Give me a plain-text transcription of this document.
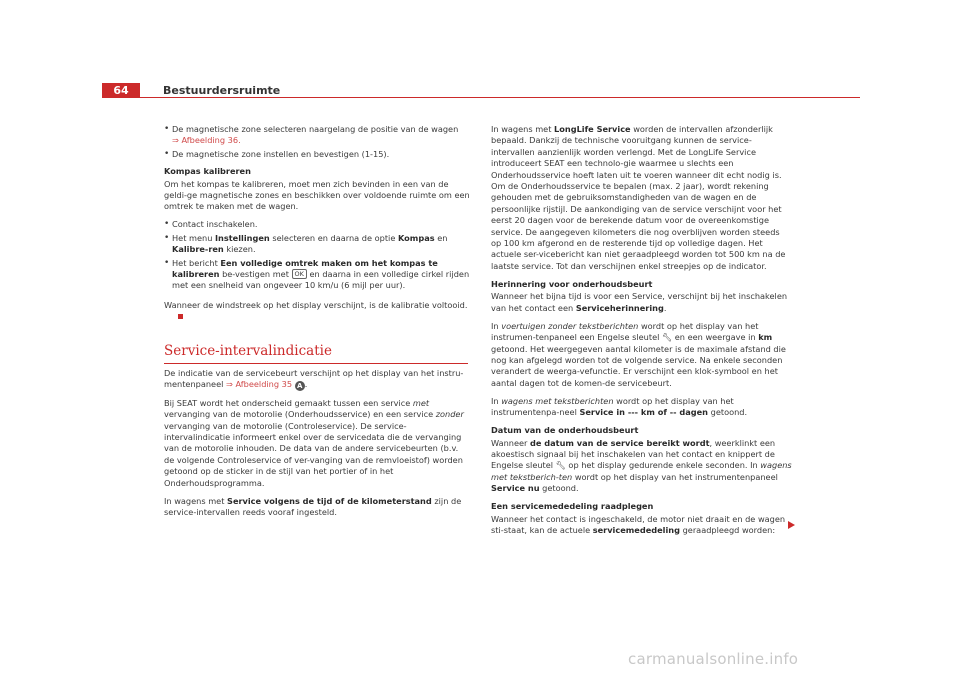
64	Bestuurdersruimte

• De magnetische zone selecteren naargelang de positie van de wagen
⇒ Afbeelding 36.

• De magnetische zone instellen en bevestigen (1-15).

Kompas kalibreren

Om het kompas te kalibreren, moet men zich bevinden in een van de geldi-ge magnetische zones en beschikken over voldoende ruimte om een omtrek te maken met de wagen.

• Contact inschakelen.

• Het menu Instellingen selecteren en daarna de optie Kompas en Kalibre-ren kiezen.

• Het bericht Een volledige omtrek maken om het kompas te kalibreren be-vestigen met OK en daarna in een volledige cirkel rijden met een snelheid van ongeveer 10 km/u (6 mijl per uur).

Wanneer de windstreek op het display verschijnt, is de kalibratie voltooid.

Service-intervalindicatie

De indicatie van de servicebeurt verschijnt op het display van het instru-mentenpaneel ⇒ Afbeelding 35 A .

Bij SEAT wordt het onderscheid gemaakt tussen een service met vervanging van de motorolie (Onderhoudsservice) en een service zonder vervanging van de motorolie (Controleservice). De service-intervalindicatie informeert enkel over de servicedata die de vervanging van de motorolie inhouden. De data van de andere servicebeurten (b.v. de volgende Controleservice of ver-vanging van de remvloeistof) worden getoond op de sticker in de stijl van het portier of in het Onderhoudsprogramma.

In wagens met Service volgens de tijd of de kilometerstand zijn de service-intervallen reeds vooraf ingesteld.

In wagens met LongLife Service worden de intervallen afzonderlijk bepaald. Dankzij de technische vooruitgang kunnen de service-intervallen aanzienlijk worden verlengd. Met de LongLife Service introduceert SEAT een technolo-gie waarmee u slechts een Onderhoudsservice hoeft laten uit te voeren wanneer dit echt nodig is. Om de Onderhoudsservice te bepalen (max. 2 jaar), wordt rekening gehouden met de gebruiksomstandigheden van de wagen en de persoonlijke rijstijl. De aankondiging van de service verschijnt voor het eerst 20 dagen voor de berekende datum voor de overeenkomstige service. De aangegeven kilometers die nog overblijven worden steeds op 100 km afgerond en de resterende tijd op volledige dagen. Het actuele ser-vicebericht kan niet geraadpleegd worden tot 500 km na de laatste service. Tot dan verschijnen enkel streepjes op de indicator.

Herinnering voor onderhoudsbeurt

Wanneer het bijna tijd is voor een Service, verschijnt bij het inschakelen van het contact een Serviceherinnering.

In voertuigen zonder tekstberichten wordt op het display van het instrumen-tenpaneel een Engelse sleutel 🔧︎ en een weergave in km getoond. Het weergegeven aantal kilometer is de maximale afstand die nog kan afgelegd worden tot de volgende service. Na enkele seconden verandert de weerga-vefunctie. Er verschijnt een klok-symbool en het aantal dagen tot de komen-de servicebeurt.

In wagens met tekstberichten wordt op het display van het instrumentenpa-neel Service in --- km of -- dagen getoond.

Datum van de onderhoudsbeurt

Wanneer de datum van de service bereikt wordt, weerklinkt een akoestisch signaal bij het inschakelen van het contact en knippert de Engelse sleutel 🔧︎ op het display gedurende enkele seconden. In wagens met tekstberich-ten wordt op het display van het instrumentenpaneel Service nu getoond.

Een servicemededeling raadplegen

Wanneer het contact is ingeschakeld, de motor niet draait en de wagen sti-staat, kan de actuele servicemededeling geraadpleegd worden:

carmanualsonline.info
